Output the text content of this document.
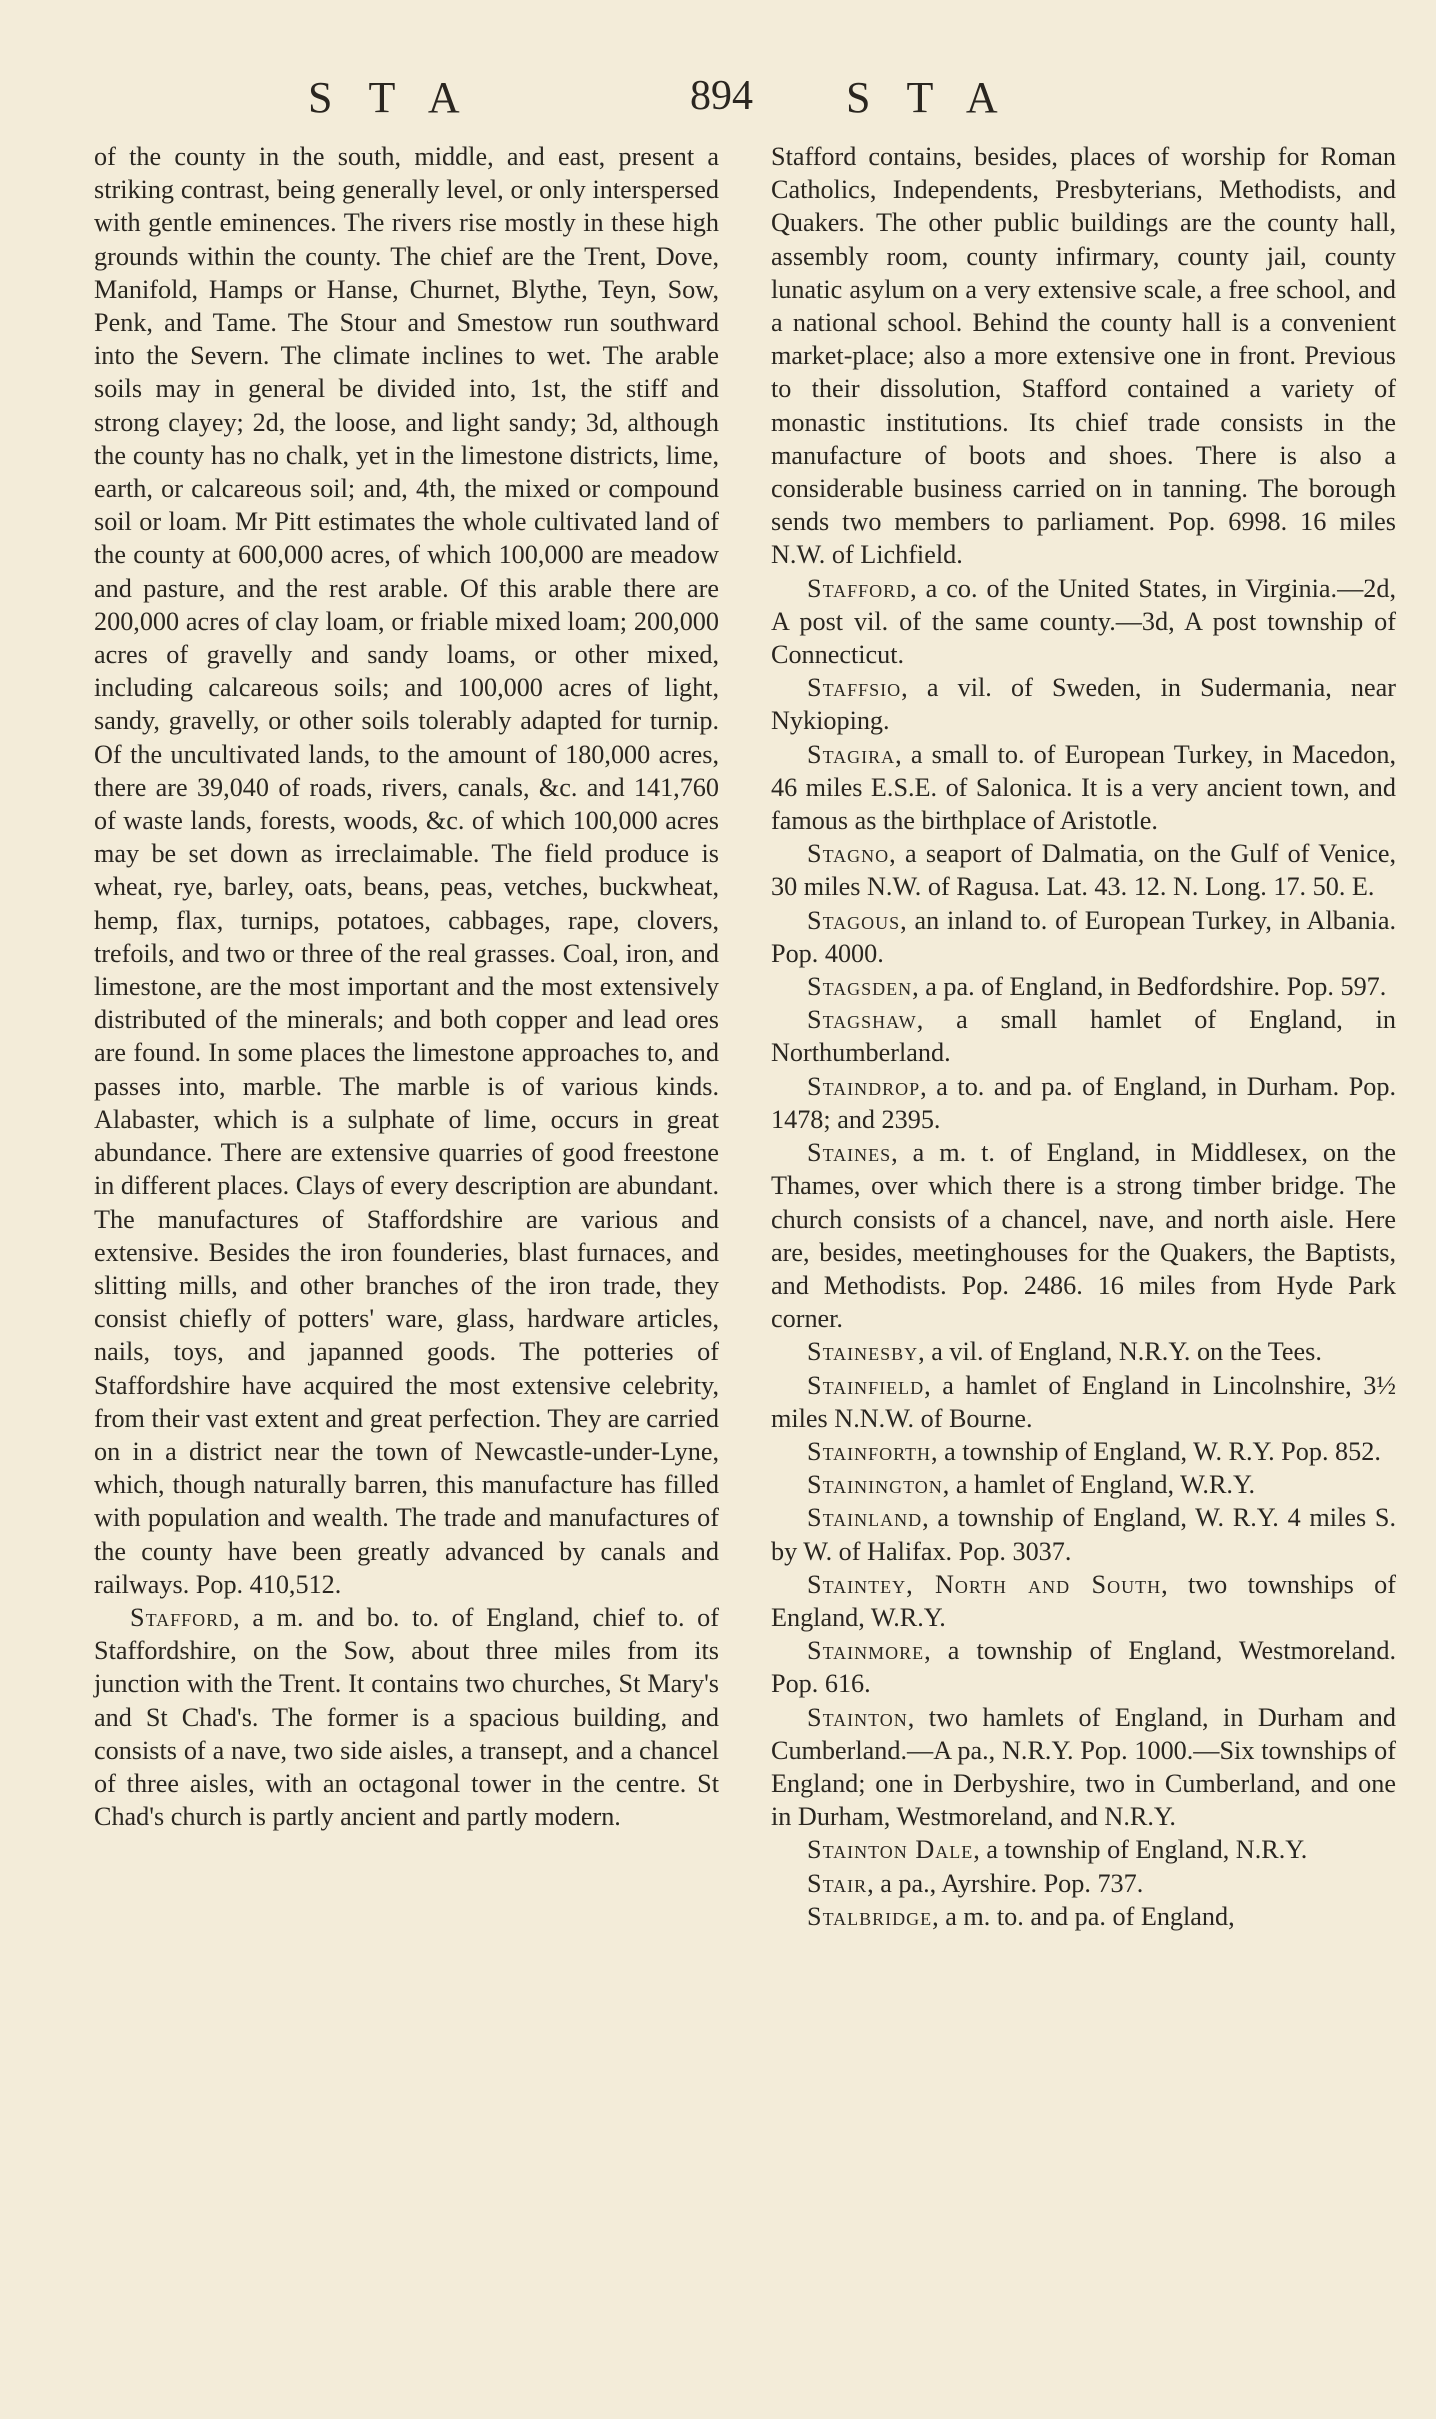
STA	894 STA

of the county in the south, middle, and east, present a striking contrast, being generally level, or only interspersed with gentle eminences. The rivers rise mostly in these high grounds within the county. The chief are the Trent, Dove, Manifold, Hamps or Hanse, Churnet, Blythe, Teyn, Sow, Penk, and Tame. The Stour and Smestow run southward into the Severn. The climate inclines to wet. The arable soils may in general be divided into, 1st, the stiff and strong clayey; 2d, the loose, and light sandy; 3d, although the county has no chalk, yet in the limestone districts, lime, earth, or calcareous soil; and, 4th, the mixed or compound soil or loam. Mr Pitt estimates the whole cultivated land of the county at 600,000 acres, of which 100,000 are meadow and pasture, and the rest arable. Of this arable there are 200,000 acres of clay loam, or friable mixed loam; 200,000 acres of gravelly and sandy loams, or other mixed, including calcareous soils; and 100,000 acres of light, sandy, gravelly, or other soils tolerably adapted for turnip. Of the uncultivated lands, to the amount of 180,000 acres, there are 39,040 of roads, rivers, canals, &c. and 141,760 of waste lands, forests, woods, &c. of which 100,000 acres may be set down as irreclaimable. The field produce is wheat, rye, barley, oats, beans, peas, vetches, buckwheat, hemp, flax, turnips, potatoes, cabbages, rape, clovers, trefoils, and two or three of the real grasses. Coal, iron, and limestone, are the most important and the most extensively distributed of the minerals; and both copper and lead ores are found. In some places the limestone approaches to, and passes into, marble. The marble is of various kinds. Alabaster, which is a sulphate of lime, occurs in great abundance. There are extensive quarries of good freestone in different places. Clays of every description are abundant. The manufactures of Staffordshire are various and extensive. Besides the iron founderies, blast furnaces, and slitting mills, and other branches of the iron trade, they consist chiefly of potters' ware, glass, hardware articles, nails, toys, and japanned goods. The potteries of Staffordshire have acquired the most extensive celebrity, from their vast extent and great perfection. They are carried on in a district near the town of Newcastle-under-Lyne, which, though naturally barren, this manufacture has filled with population and wealth. The trade and manufactures of the county have been greatly advanced by canals and railways. Pop. 410,512.

Stafford, a m. and bo. to. of England, chief to. of Staffordshire, on the Sow, about three miles from its junction with the Trent. It contains two churches, St Mary's and St Chad's. The former is a spacious building, and consists of a nave, two side aisles, a transept, and a chancel of three aisles, with an octagonal tower in the centre. St Chad's church is partly ancient and partly modern.

Stafford contains, besides, places of worship for Roman Catholics, Independents, Presbyterians, Methodists, and Quakers. The other public buildings are the county hall, assembly room, county infirmary, county jail, county lunatic asylum on a very extensive scale, a free school, and a national school. Behind the county hall is a convenient market-place; also a more extensive one in front. Previous to their dissolution, Stafford contained a variety of monastic institutions. Its chief trade consists in the manufacture of boots and shoes. There is also a considerable business carried on in tanning. The borough sends two members to parliament. Pop. 6998. 16 miles N.W. of Lichfield.

Stafford, a co. of the United States, in Virginia.—2d, A post vil. of the same county.—3d, A post township of Connecticut.

Staffsio, a vil. of Sweden, in Sudermania, near Nykioping.

Stagira, a small to. of European Turkey, in Macedon, 46 miles E.S.E. of Salonica. It is a very ancient town, and famous as the birthplace of Aristotle.

Stagno, a seaport of Dalmatia, on the Gulf of Venice, 30 miles N.W. of Ragusa. Lat. 43. 12. N. Long. 17. 50. E.

Stagous, an inland to. of European Turkey, in Albania. Pop. 4000.

Stagsden, a pa. of England, in Bedfordshire. Pop. 597.

Stagshaw, a small hamlet of England, in Northumberland.

Staindrop, a to. and pa. of England, in Durham. Pop. 1478; and 2395.

Staines, a m. t. of England, in Middlesex, on the Thames, over which there is a strong timber bridge. The church consists of a chancel, nave, and north aisle. Here are, besides, meetinghouses for the Quakers, the Baptists, and Methodists. Pop. 2486. 16 miles from Hyde Park corner.

Stainesby, a vil. of England, N.R.Y. on the Tees.

Stainfield, a hamlet of England in Lincolnshire, 3½ miles N.N.W. of Bourne.

Stainforth, a township of England, W. R.Y. Pop. 852.

Stainington, a hamlet of England, W.R.Y.

Stainland, a township of England, W. R.Y. 4 miles S. by W. of Halifax. Pop. 3037.

Staintey, North and South, two townships of England, W.R.Y.

Stainmore, a township of England, Westmoreland. Pop. 616.

Stainton, two hamlets of England, in Durham and Cumberland.—A pa., N.R.Y. Pop. 1000.—Six townships of England; one in Derbyshire, two in Cumberland, and one in Durham, Westmoreland, and N.R.Y.

Stainton Dale, a township of England, N.R.Y.

Stair, a pa., Ayrshire. Pop. 737.

Stalbridge, a m. to. and pa. of England,
